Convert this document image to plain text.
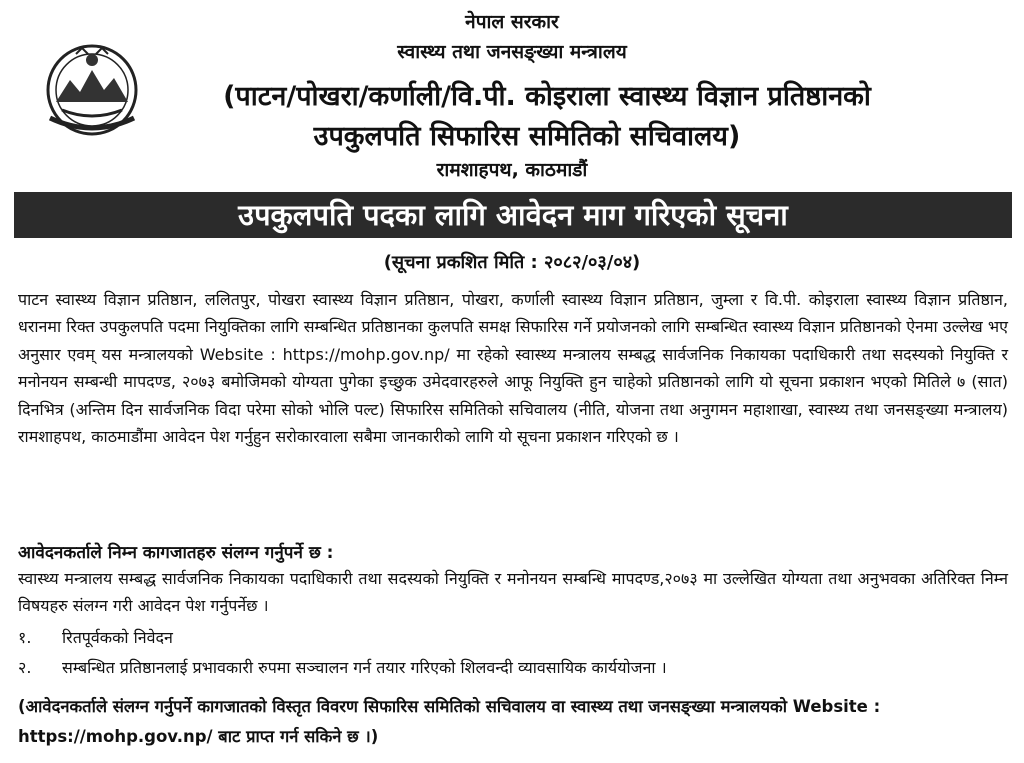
नेपाल सरकार
स्वास्थ्य तथा जनसङ्ख्या मन्त्रालय
(पाटन/पोखरा/कर्णाली/वि.पी. कोइराला स्वास्थ्य विज्ञान प्रतिष्ठानको
उपकुलपति सिफारिस समितिको सचिवालय)
रामशाहपथ, काठमाडौं
उपकुलपति पदका लागि आवेदन माग गरिएको सूचना
(सूचना प्रकशित मिति : २०८२/०३/०४)
पाटन स्वास्थ्य विज्ञान प्रतिष्ठान, ललितपुर, पोखरा स्वास्थ्य विज्ञान प्रतिष्ठान, पोखरा, कर्णाली स्वास्थ्य विज्ञान प्रतिष्ठान, जुम्ला र वि.पी. कोइराला स्वास्थ्य विज्ञान प्रतिष्ठान, धरानमा रिक्त उपकुलपति पदमा नियुक्तिका लागि सम्बन्धित प्रतिष्ठानका कुलपति समक्ष सिफारिस गर्ने प्रयोजनको लागि सम्बन्धित स्वास्थ्य विज्ञान प्रतिष्ठानको ऐनमा उल्लेख भए अनुसार एवम् यस मन्त्रालयको Website : https://mohp.gov.np/ मा रहेको स्वास्थ्य मन्त्रालय सम्बद्ध सार्वजनिक निकायका पदाधिकारी तथा सदस्यको नियुक्ति र मनोनयन सम्बन्धी मापदण्ड, २०७३ बमोजिमको योग्यता पुगेका इच्छुक उमेदवारहरुले आफू नियुक्ति हुन चाहेको प्रतिष्ठानको लागि यो सूचना प्रकाशन भएको मितिले ७ (सात) दिनभित्र (अन्तिम दिन सार्वजनिक विदा परेमा सोको भोलि पल्ट) सिफारिस समितिको सचिवालय (नीति, योजना तथा अनुगमन महाशाखा, स्वास्थ्य तथा जनसङ्ख्या मन्त्रालय) रामशाहपथ, काठमाडौंमा आवेदन पेश गर्नुहुन सरोकारवाला सबैमा जानकारीको लागि यो सूचना प्रकाशन गरिएको छ ।
आवेदनकर्ताले निम्न कागजातहरु संलग्न गर्नुपर्ने छ :
स्वास्थ्य मन्त्रालय सम्बद्ध सार्वजनिक निकायका पदाधिकारी तथा सदस्यको नियुक्ति र मनोनयन सम्बन्धि मापदण्ड,२०७३ मा उल्लेखित योग्यता तथा अनुभवका अतिरिक्त निम्न विषयहरु संलग्न गरी आवेदन पेश गर्नुपर्नेछ ।
१. रितपूर्वकको निवेदन
२. सम्बन्धित प्रतिष्ठानलाई प्रभावकारी रुपमा सञ्चालन गर्न तयार गरिएको शिलवन्दी व्यावसायिक कार्ययोजना ।
(आवेदनकर्ताले संलग्न गर्नुपर्ने कागजातको विस्तृत विवरण सिफारिस समितिको सचिवालय वा स्वास्थ्य तथा जनसङ्ख्या मन्त्रालयको Website : https://mohp.gov.np/ बाट प्राप्त गर्न सकिने छ ।)
